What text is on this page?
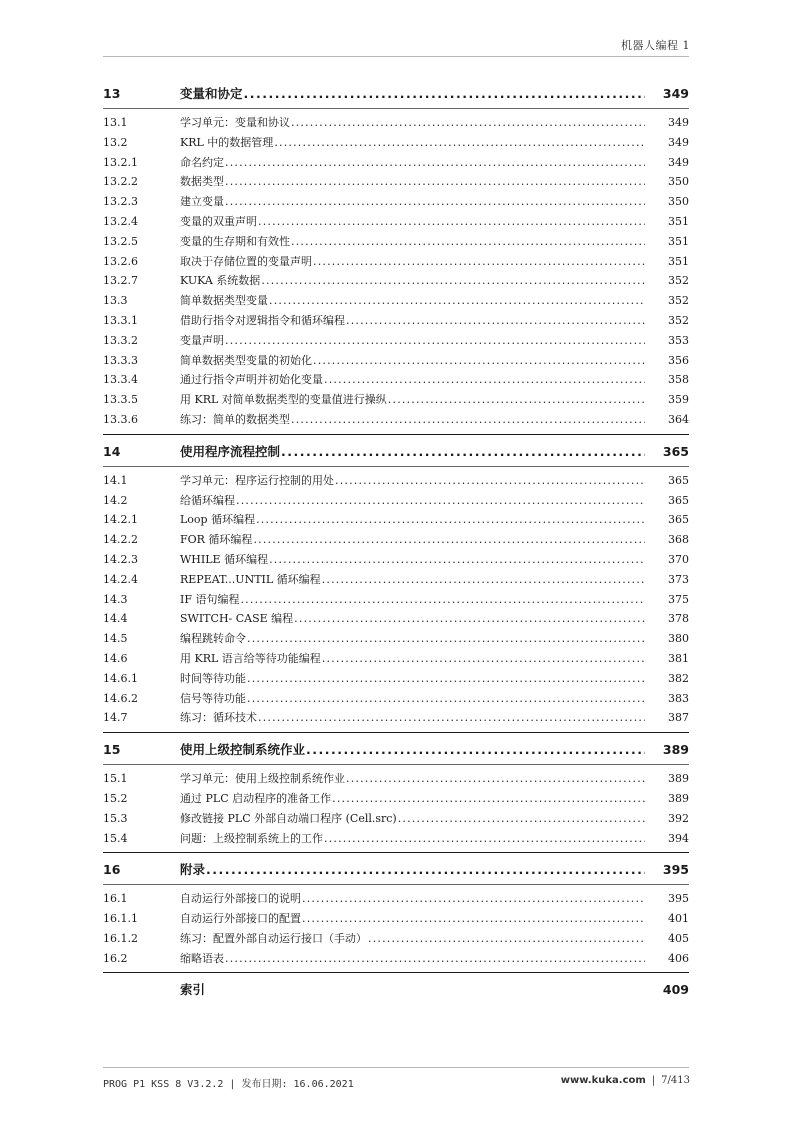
机器人编程 1
13	变量和协定 .....	349
13.1	学习单元：变量和协议 .....	349
13.2	KRL 中的数据管理 .....	349
13.2.1	命名约定 .....	349
13.2.2	数据类型 .....	350
13.2.3	建立变量 .....	350
13.2.4	变量的双重声明 .....	351
13.2.5	变量的生存期和有效性 .....	351
13.2.6	取决于存储位置的变量声明 .....	351
13.2.7	KUKA 系统数据 .....	352
13.3	简单数据类型变量 .....	352
13.3.1	借助行指令对逻辑指令和循环编程 .....	352
13.3.2	变量声明 .....	353
13.3.3	简单数据类型变量的初始化 .....	356
13.3.4	通过行指令声明并初始化变量 .....	358
13.3.5	用 KRL 对简单数据类型的变量值进行操纵 .....	359
13.3.6	练习：简单的数据类型 .....	364
14	使用程序流程控制 .....	365
14.1	学习单元：程序运行控制的用处 .....	365
14.2	给循环编程 .....	365
14.2.1	Loop 循环编程 .....	365
14.2.2	FOR 循环编程 .....	368
14.2.3	WHILE 循环编程 .....	370
14.2.4	REPEAT...UNTIL 循环编程 .....	373
14.3	IF 语句编程 .....	375
14.4	SWITCH- CASE 编程 .....	378
14.5	编程跳转命令 .....	380
14.6	用 KRL 语言给等待功能编程 .....	381
14.6.1	时间等待功能 .....	382
14.6.2	信号等待功能 .....	383
14.7	练习：循环技术 .....	387
15	使用上级控制系统作业 .....	389
15.1	学习单元：使用上级控制系统作业 .....	389
15.2	通过 PLC 启动程序的准备工作 .....	389
15.3	修改链接 PLC 外部自动端口程序 (Cell.src) .....	392
15.4	问题：上级控制系统上的工作 .....	394
16	附录 .....	395
16.1	自动运行外部接口的说明 .....	395
16.1.1	自动运行外部接口的配置 .....	401
16.1.2	练习：配置外部自动运行接口（手动） .....	405
16.2	缩略语表 .....	406
索引	409
PROG P1 KSS 8 V3.2.2 | 发布日期: 16.06.2021	www.kuka.com | 7/413
